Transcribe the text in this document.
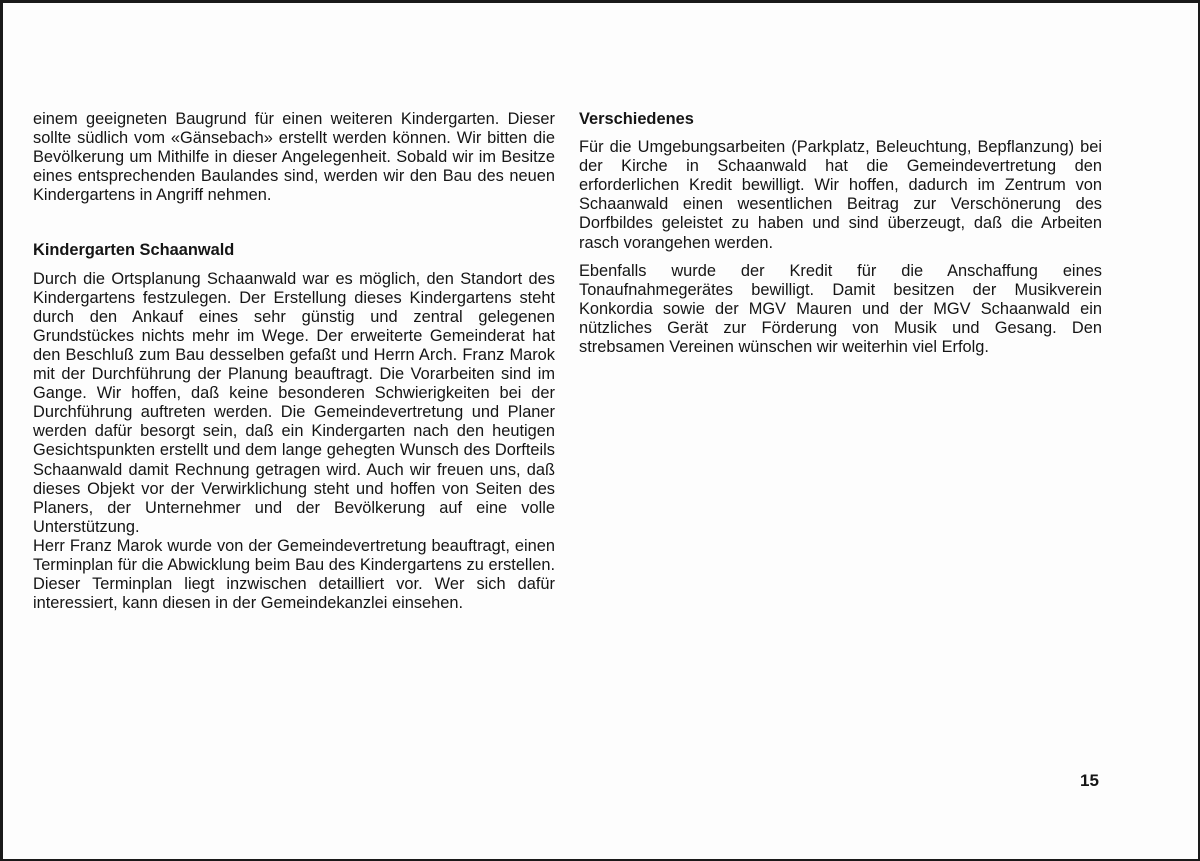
einem geeigneten Baugrund für einen weiteren Kindergarten. Dieser sollte südlich vom «Gänsebach» erstellt werden können. Wir bitten die Bevölkerung um Mithilfe in dieser Angelegenheit. Sobald wir im Besitze eines entsprechenden Baulandes sind, werden wir den Bau des neuen Kindergartens in Angriff nehmen.

Kindergarten Schaanwald

Durch die Ortsplanung Schaanwald war es möglich, den Standort des Kindergartens festzulegen. Der Erstellung dieses Kindergartens steht durch den Ankauf eines sehr günstig und zentral gelegenen Grundstückes nichts mehr im Wege. Der erweiterte Gemeinderat hat den Beschluß zum Bau desselben gefaßt und Herrn Arch. Franz Marok mit der Durchführung der Planung beauftragt. Die Vorarbeiten sind im Gange. Wir hoffen, daß keine besonderen Schwierigkeiten bei der Durchführung auftreten werden. Die Gemeindevertretung und Planer werden dafür besorgt sein, daß ein Kindergarten nach den heutigen Gesichtspunkten erstellt und dem lange gehegten Wunsch des Dorfteils Schaanwald damit Rechnung getragen wird. Auch wir freuen uns, daß dieses Objekt vor der Verwirklichung steht und hoffen von Seiten des Planers, der Unternehmer und der Bevölkerung auf eine volle Unterstützung.

Herr Franz Marok wurde von der Gemeindevertretung beauftragt, einen Terminplan für die Abwicklung beim Bau des Kindergartens zu erstellen. Dieser Terminplan liegt inzwischen detailliert vor. Wer sich dafür interessiert, kann diesen in der Gemeindekanzlei einsehen.

Verschiedenes

Für die Umgebungsarbeiten (Parkplatz, Beleuchtung, Bepflanzung) bei der Kirche in Schaanwald hat die Gemeindevertretung den erforderlichen Kredit bewilligt. Wir hoffen, dadurch im Zentrum von Schaanwald einen wesentlichen Beitrag zur Verschönerung des Dorfbildes geleistet zu haben und sind überzeugt, daß die Arbeiten rasch vorangehen werden.

Ebenfalls wurde der Kredit für die Anschaffung eines Tonaufnahmegerätes bewilligt. Damit besitzen der Musikverein Konkordia sowie der MGV Mauren und der MGV Schaanwald ein nützliches Gerät zur Förderung von Musik und Gesang. Den strebsamen Vereinen wünschen wir weiterhin viel Erfolg.

15
